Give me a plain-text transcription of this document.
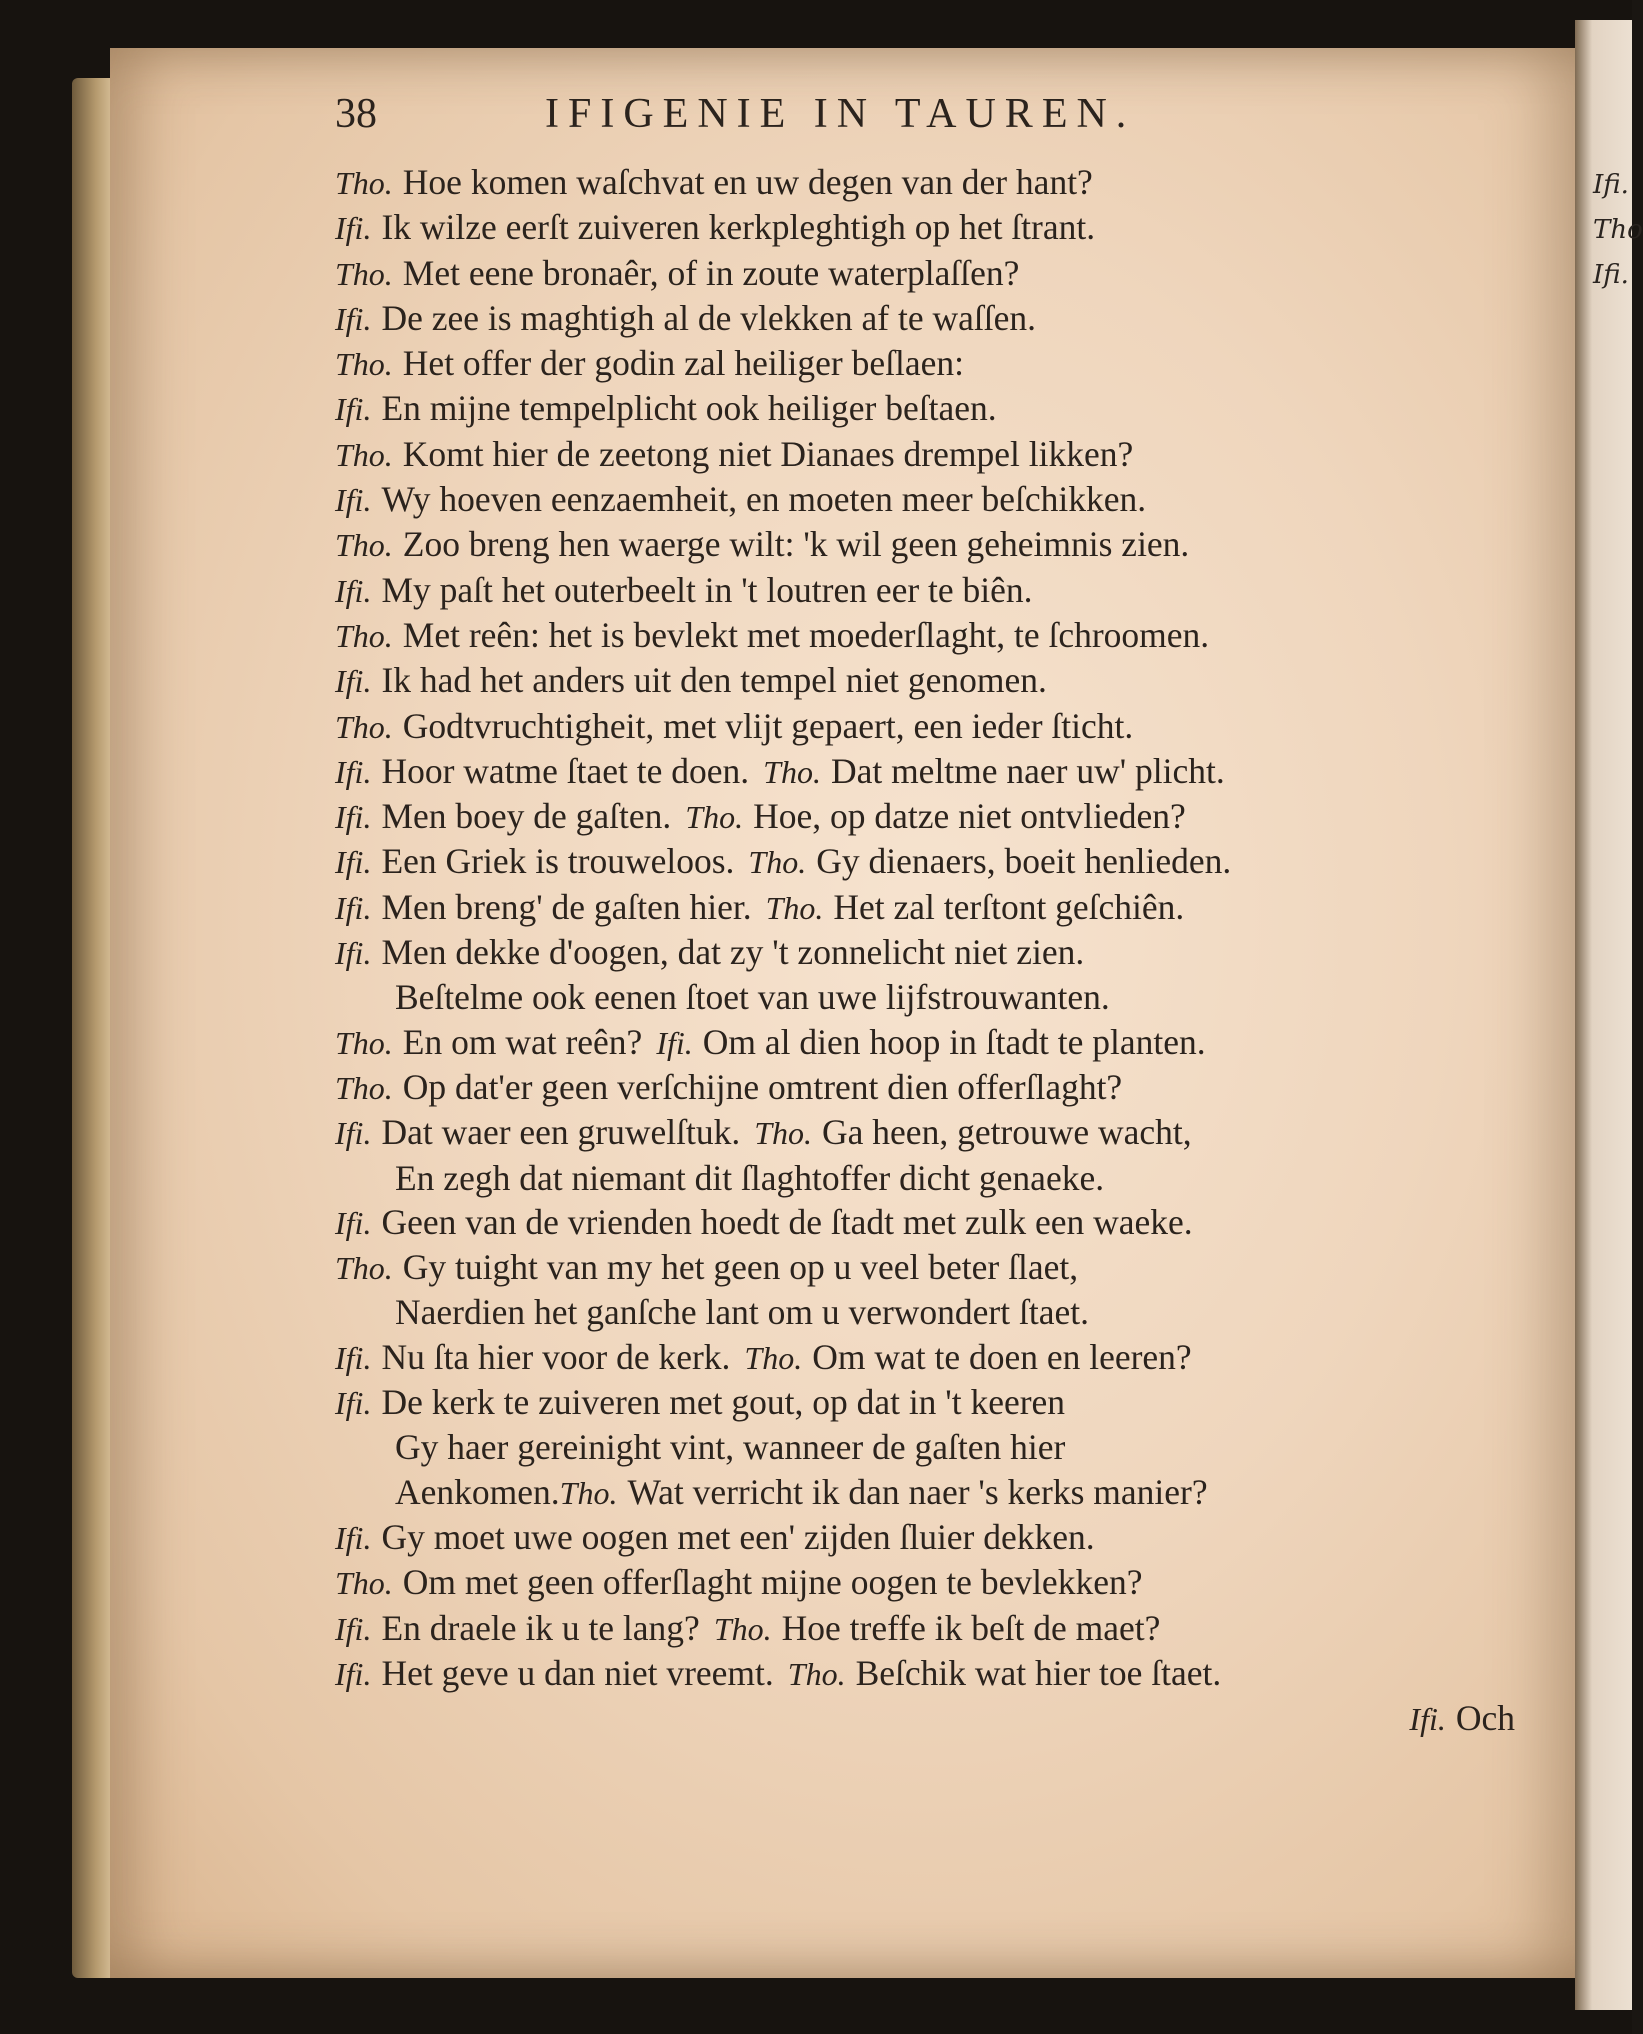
Ifi.
Tho
Ifi.
38	IFIGENIE IN TAUREN.
Tho. Hoe komen waſchvat en uw degen van der hant?
Ifi. Ik wilze eerſt zuiveren kerkpleghtigh op het ſtrant.
Tho. Met eene bronaêr, of in zoute waterplaſſen?
Ifi. De zee is maghtigh al de vlekken af te waſſen.
Tho. Het offer der godin zal heiliger beſlaen:
Ifi. En mijne tempelplicht ook heiliger beſtaen.
Tho. Komt hier de zeetong niet Dianaes drempel likken?
Ifi. Wy hoeven eenzaemheit, en moeten meer beſchikken.
Tho. Zoo breng hen waerge wilt: 'k wil geen geheimnis zien.
Ifi. My paſt het outerbeelt in 't loutren eer te biên.
Tho. Met reên: het is bevlekt met moederſlaght, te ſchroomen.
Ifi. Ik had het anders uit den tempel niet genomen.
Tho. Godtvruchtigheit, met vlijt gepaert, een ieder ſticht.
Ifi. Hoor watme ſtaet te doen. Tho. Dat meltme naer uw' plicht.
Ifi. Men boey de gaſten. Tho. Hoe, op datze niet ontvlieden?
Ifi. Een Griek is trouweloos. Tho. Gy dienaers, boeit henlieden.
Ifi. Men breng' de gaſten hier. Tho. Het zal terſtont geſchiên.
Ifi. Men dekke d'oogen, dat zy 't zonnelicht niet zien.
Beſtelme ook eenen ſtoet van uwe lijfstrouwanten.
Tho. En om wat reên? Ifi. Om al dien hoop in ſtadt te planten.
Tho. Op dat'er geen verſchijne omtrent dien offerſlaght?
Ifi. Dat waer een gruwelſtuk. Tho. Ga heen, getrouwe wacht,
En zegh dat niemant dit ſlaghtoffer dicht genaeke.
Ifi. Geen van de vrienden hoedt de ſtadt met zulk een waeke.
Tho. Gy tuight van my het geen op u veel beter ſlaet,
Naerdien het ganſche lant om u verwondert ſtaet.
Ifi. Nu ſta hier voor de kerk. Tho. Om wat te doen en leeren?
Ifi. De kerk te zuiveren met gout, op dat in 't keeren
Gy haer gereinight vint, wanneer de gaſten hier
Aenkomen.Tho. Wat verricht ik dan naer 's kerks manier?
Ifi. Gy moet uwe oogen met een' zijden ſluier dekken.
Tho. Om met geen offerſlaght mijne oogen te bevlekken?
Ifi. En draele ik u te lang? Tho. Hoe treffe ik beſt de maet?
Ifi. Het geve u dan niet vreemt. Tho. Beſchik wat hier toe ſtaet.
Ifi. Och
